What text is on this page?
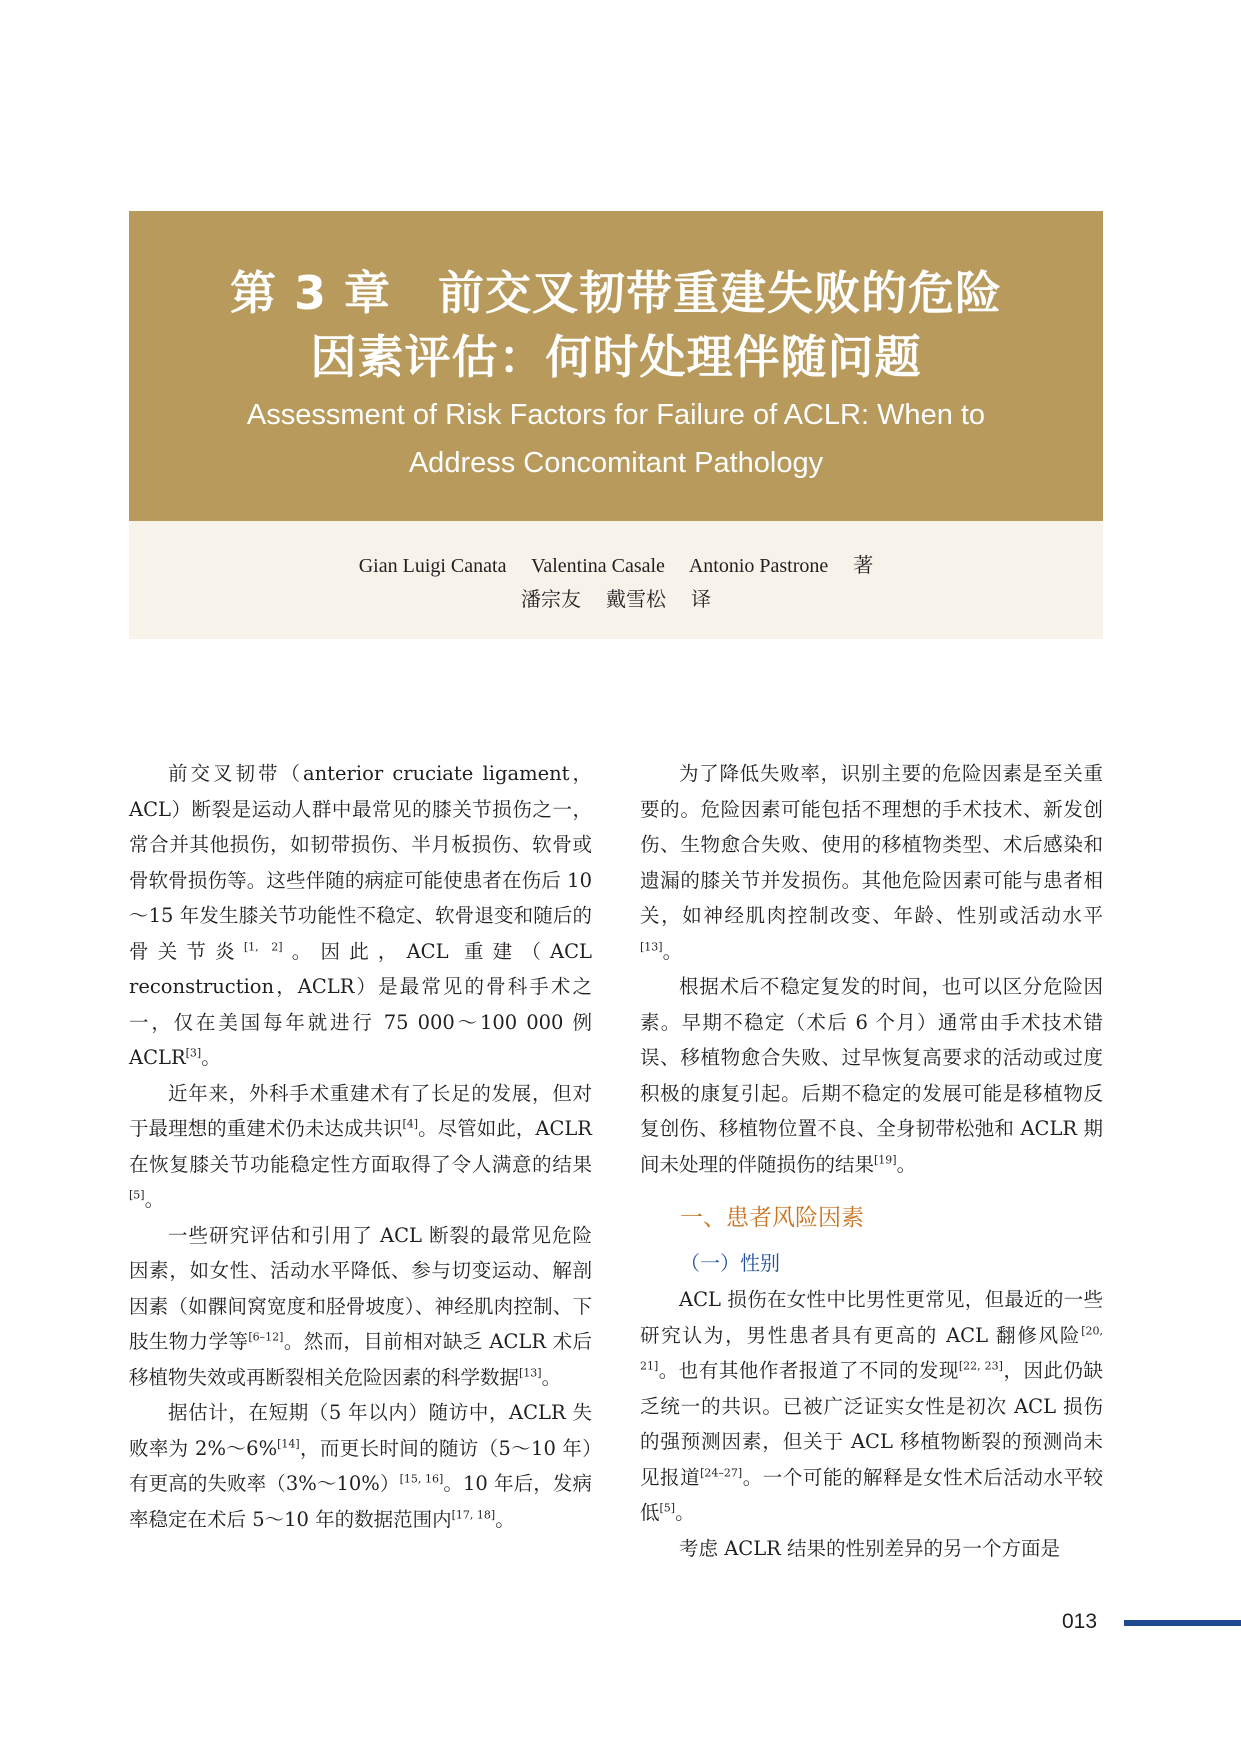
第 3 章　前交叉韧带重建失败的危险
因素评估：何时处理伴随问题
Assessment of Risk Factors for Failure of ACLR: When to
Address Concomitant Pathology
Gian Luigi Canata Valentina Casale Antonio Pastrone 著
潘宗友 戴雪松 译

前交叉韧带（anterior cruciate ligament，ACL）断裂是运动人群中最常见的膝关节损伤之一，常合并其他损伤，如韧带损伤、半月板损伤、软骨或骨软骨损伤等。这些伴随的病症可能使患者在伤后 10～15 年发生膝关节功能性不稳定、软骨退变和随后的骨关节炎[1, 2]。因此，ACL 重建（ACL reconstruction，ACLR）是最常见的骨科手术之一，仅在美国每年就进行 75 000～100 000 例 ACLR[3]。

近年来，外科手术重建术有了长足的发展，但对于最理想的重建术仍未达成共识[4]。尽管如此，ACLR 在恢复膝关节功能稳定性方面取得了令人满意的结果[5]。

一些研究评估和引用了 ACL 断裂的最常见危险因素，如女性、活动水平降低、参与切变运动、解剖因素（如髁间窝宽度和胫骨坡度）、神经肌肉控制、下肢生物力学等[6–12]。然而，目前相对缺乏 ACLR 术后移植物失效或再断裂相关危险因素的科学数据[13]。

据估计，在短期（5 年以内）随访中，ACLR 失败率为 2%～6%[14]，而更长时间的随访（5～10 年）有更高的失败率（3%～10%）[15, 16]。10 年后，发病率稳定在术后 5～10 年的数据范围内[17, 18]。

为了降低失败率，识别主要的危险因素是至关重要的。危险因素可能包括不理想的手术技术、新发创伤、生物愈合失败、使用的移植物类型、术后感染和遗漏的膝关节并发损伤。其他危险因素可能与患者相关，如神经肌肉控制改变、年龄、性别或活动水平[13]。

根据术后不稳定复发的时间，也可以区分危险因素。早期不稳定（术后 6 个月）通常由手术技术错误、移植物愈合失败、过早恢复高要求的活动或过度积极的康复引起。后期不稳定的发展可能是移植物反复创伤、移植物位置不良、全身韧带松弛和 ACLR 期间未处理的伴随损伤的结果[19]。

一、患者风险因素
（一）性别

ACL 损伤在女性中比男性更常见，但最近的一些研究认为，男性患者具有更高的 ACL 翻修风险[20, 21]。也有其他作者报道了不同的发现[22, 23]，因此仍缺乏统一的共识。已被广泛证实女性是初次 ACL 损伤的强预测因素，但关于 ACL 移植物断裂的预测尚未见报道[24–27]。一个可能的解释是女性术后活动水平较低[5]。

考虑 ACLR 结果的性别差异的另一个方面是

013
